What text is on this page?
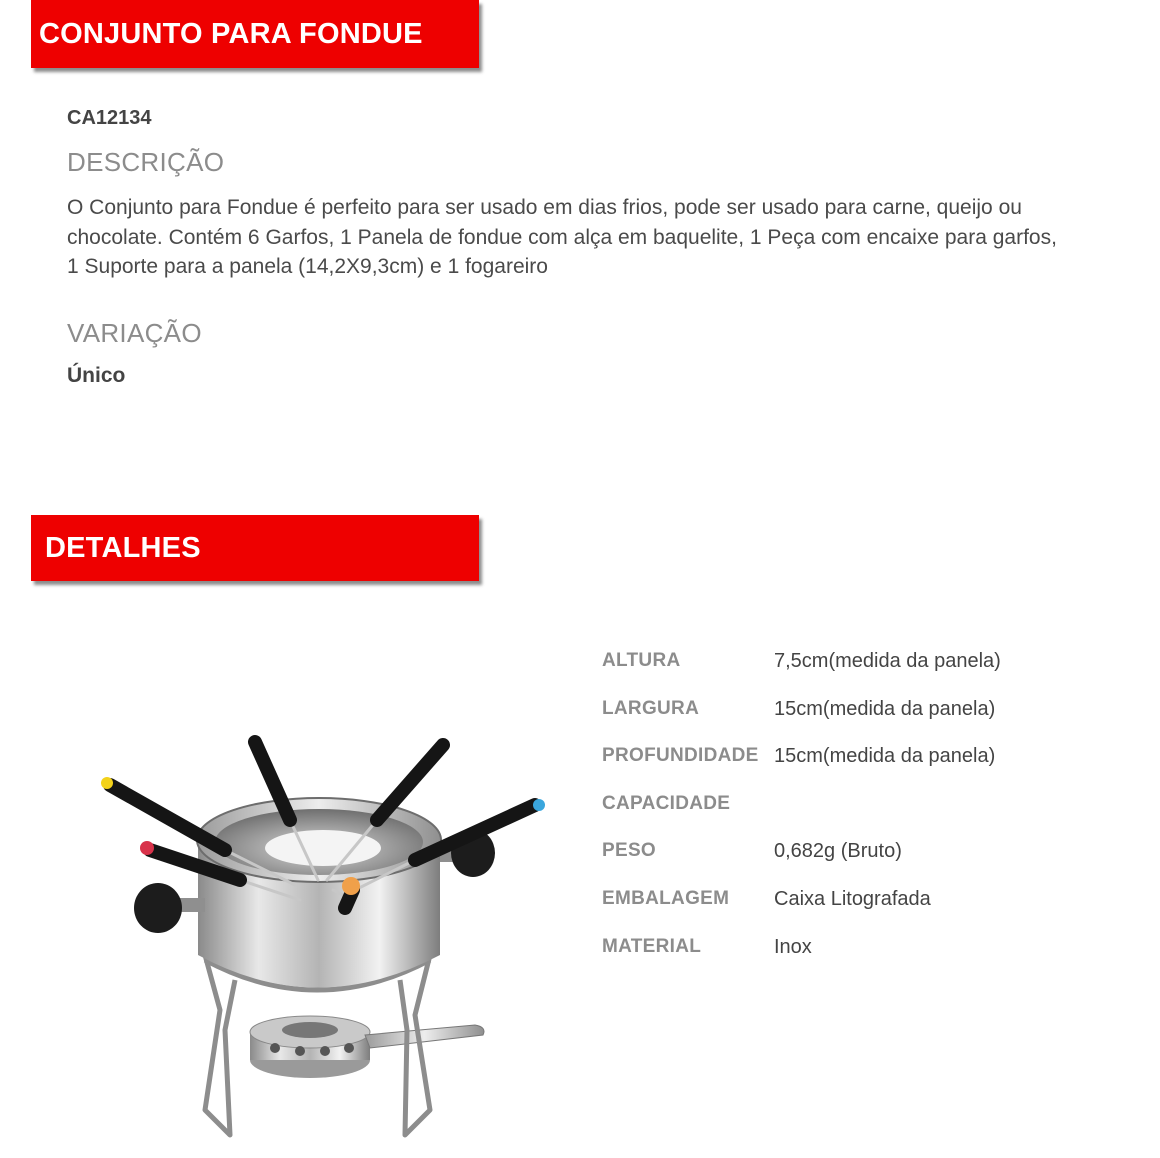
CONJUNTO PARA FONDUE
CA12134
DESCRIÇÃO
O Conjunto para Fondue é perfeito para ser usado em dias frios, pode ser usado para carne, queijo ou
chocolate. Contém 6 Garfos, 1 Panela de fondue com alça em baquelite, 1 Peça com encaixe para garfos,
1 Suporte para a panela (14,2X9,3cm) e 1 fogareiro
VARIAÇÃO
Único
DETALHES
ALTURA	7,5cm(medida da panela)
LARGURA	15cm(medida da panela)
PROFUNDIDADE 15cm(medida da panela)
CAPACIDADE
PESO	0,682g (Bruto)
EMBALAGEM Caixa Litografada
MATERIAL	Inox
